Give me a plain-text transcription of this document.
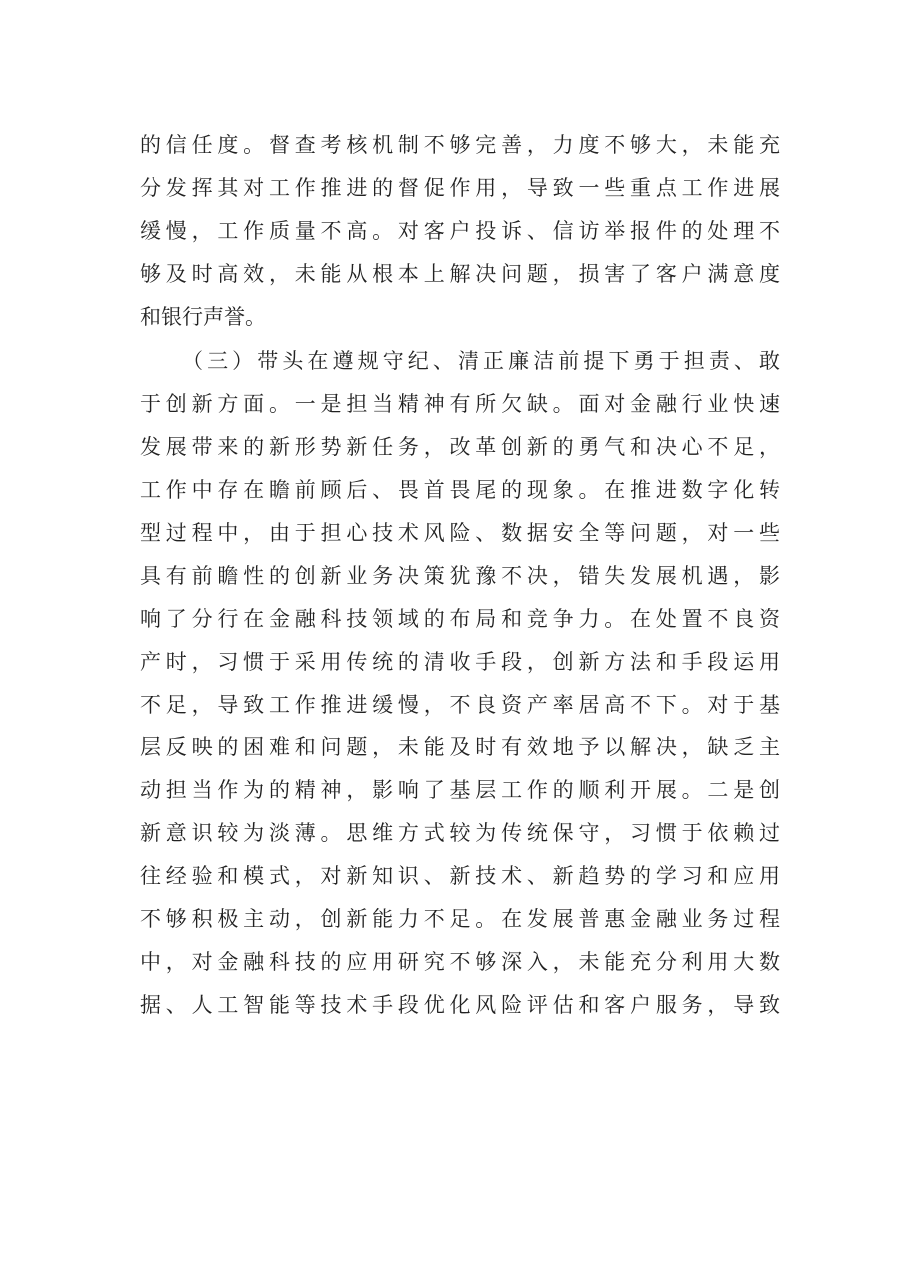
的信任度。督查考核机制不够完善，力度不够大，未能充
分发挥其对工作推进的督促作用，导致一些重点工作进展
缓慢，工作质量不高。对客户投诉、信访举报件的处理不
够及时高效，未能从根本上解决问题，损害了客户满意度
和银行声誉。
（三）带头在遵规守纪、清正廉洁前提下勇于担责、敢
于创新方面。一是担当精神有所欠缺。面对金融行业快速
发展带来的新形势新任务，改革创新的勇气和决心不足，
工作中存在瞻前顾后、畏首畏尾的现象。在推进数字化转
型过程中，由于担心技术风险、数据安全等问题，对一些
具有前瞻性的创新业务决策犹豫不决，错失发展机遇，影
响了分行在金融科技领域的布局和竞争力。在处置不良资
产时，习惯于采用传统的清收手段，创新方法和手段运用
不足，导致工作推进缓慢，不良资产率居高不下。对于基
层反映的困难和问题，未能及时有效地予以解决，缺乏主
动担当作为的精神，影响了基层工作的顺利开展。二是创
新意识较为淡薄。思维方式较为传统保守，习惯于依赖过
往经验和模式，对新知识、新技术、新趋势的学习和应用
不够积极主动，创新能力不足。在发展普惠金融业务过程
中，对金融科技的应用研究不够深入，未能充分利用大数
据、人工智能等技术手段优化风险评估和客户服务，导致
